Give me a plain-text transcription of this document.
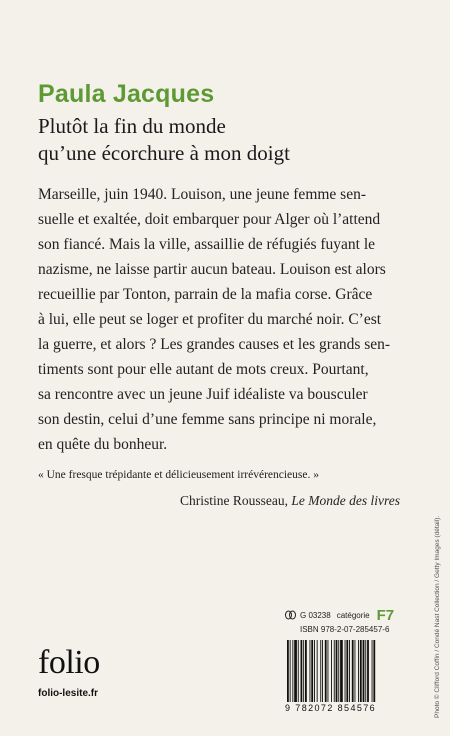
Paula Jacques
Plutôt la fin du monde
qu’une écorchure à mon doigt

Marseille, juin 1940. Louison, une jeune femme sen-

suelle et exaltée, doit embarquer pour Alger où l’attend

son fiancé. Mais la ville, assaillie de réfugiés fuyant le

nazisme, ne laisse partir aucun bateau. Louison est alors

recueillie par Tonton, parrain de la mafia corse. Grâce

à lui, elle peut se loger et profiter du marché noir. C’est

la guerre, et alors ? Les grandes causes et les grands sen-

timents sont pour elle autant de mots creux. Pourtant,

sa rencontre avec un jeune Juif idéaliste va bousculer

son destin, celui d’une femme sans principe ni morale,

en quête du bonheur.

« Une fresque trépidante et délicieusement irrévérencieuse. »
Christine Rousseau, Le Monde des livres
Photo © Clifford Coffin / Condé Nast Collection / Getty Images (détail).
G 03238 catégorie F7
ISBN 978-2-07-285457-6
9 782072 854576
folio
folio-lesite.fr
